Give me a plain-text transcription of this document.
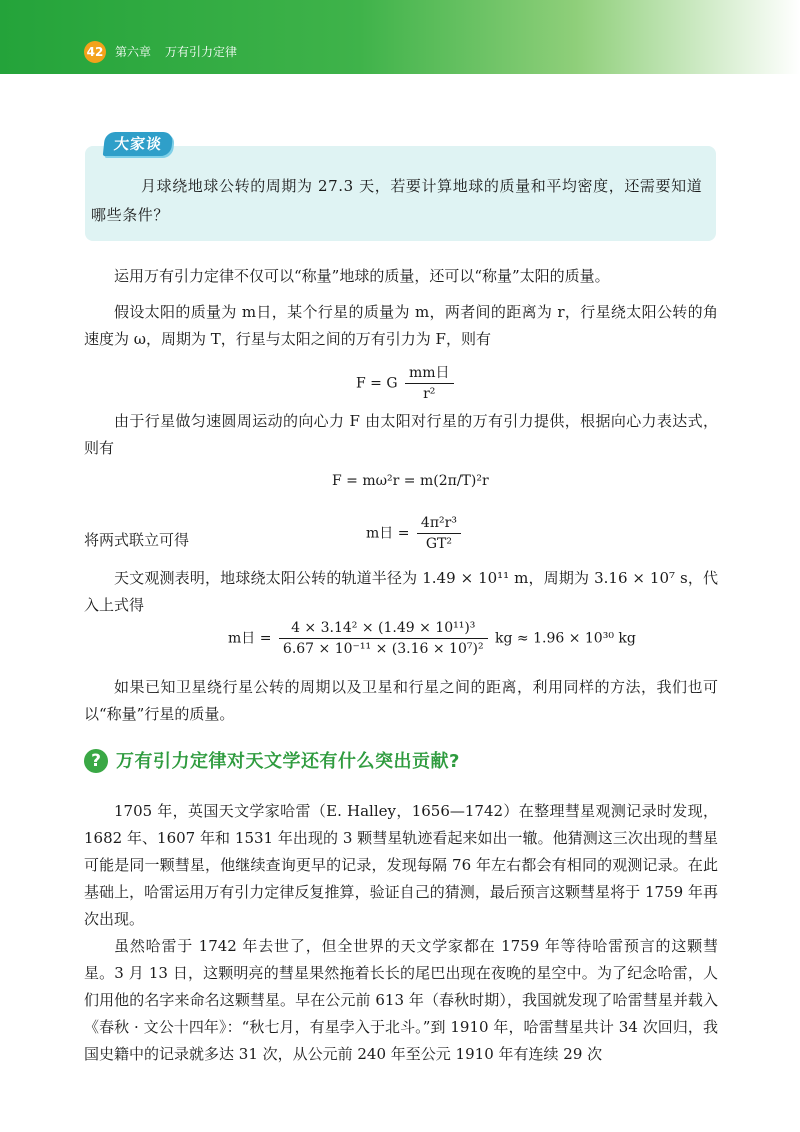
42 第六章 万有引力定律
大家谈
月球绕地球公转的周期为 27.3 天，若要计算地球的质量和平均密度，还需要知道哪些条件？

运用万有引力定律不仅可以“称量”地球的质量，还可以“称量”太阳的质量。

假设太阳的质量为 m日，某个行星的质量为 m，两者间的距离为 r，行星绕太阳公转的角速度为 ω，周期为 T，行星与太阳之间的万有引力为 F，则有

F = G $\frac{\text{mm日}}{\text{r²}}$

由于行星做匀速圆周运动的向心力 F 由太阳对行星的万有引力提供，根据向心力表达式，则有

F = mω²r = m(2π/T)²r

将两式联立可得	m日 = $\frac{\text{4π²r³}}{\text{GT²}}$

天文观测表明，地球绕太阳公转的轨道半径为 1.49 × 10¹¹ m，周期为 3.16 × 10⁷ s，代入上式得

m日 = $\frac{\text{4 × 3.14² × (1.49 × 10¹¹)³}}{\text{6.67 × 10⁻¹¹ × (3.16 × 10⁷)²}}$ kg ≈ 1.96 × 10³⁰ kg

如果已知卫星绕行星公转的周期以及卫星和行星之间的距离，利用同样的方法，我们也可以“称量”行星的质量。

? 万有引力定律对天文学还有什么突出贡献?

1705 年，英国天文学家哈雷（E. Halley，1656—1742）在整理彗星观测记录时发现，1682 年、1607 年和 1531 年出现的 3 颗彗星轨迹看起来如出一辙。他猜测这三次出现的彗星可能是同一颗彗星，他继续查询更早的记录，发现每隔 76 年左右都会有相同的观测记录。在此基础上，哈雷运用万有引力定律反复推算，验证自己的猜测，最后预言这颗彗星将于 1759 年再次出现。

虽然哈雷于 1742 年去世了，但全世界的天文学家都在 1759 年等待哈雷预言的这颗彗星。3 月 13 日，这颗明亮的彗星果然拖着长长的尾巴出现在夜晚的星空中。为了纪念哈雷，人们用他的名字来命名这颗彗星。早在公元前 613 年（春秋时期），我国就发现了哈雷彗星并载入《春秋 · 文公十四年》：“秋七月，有星孛入于北斗。”到 1910 年，哈雷彗星共计 34 次回归，我国史籍中的记录就多达 31 次，从公元前 240 年至公元 1910 年有连续 29 次
